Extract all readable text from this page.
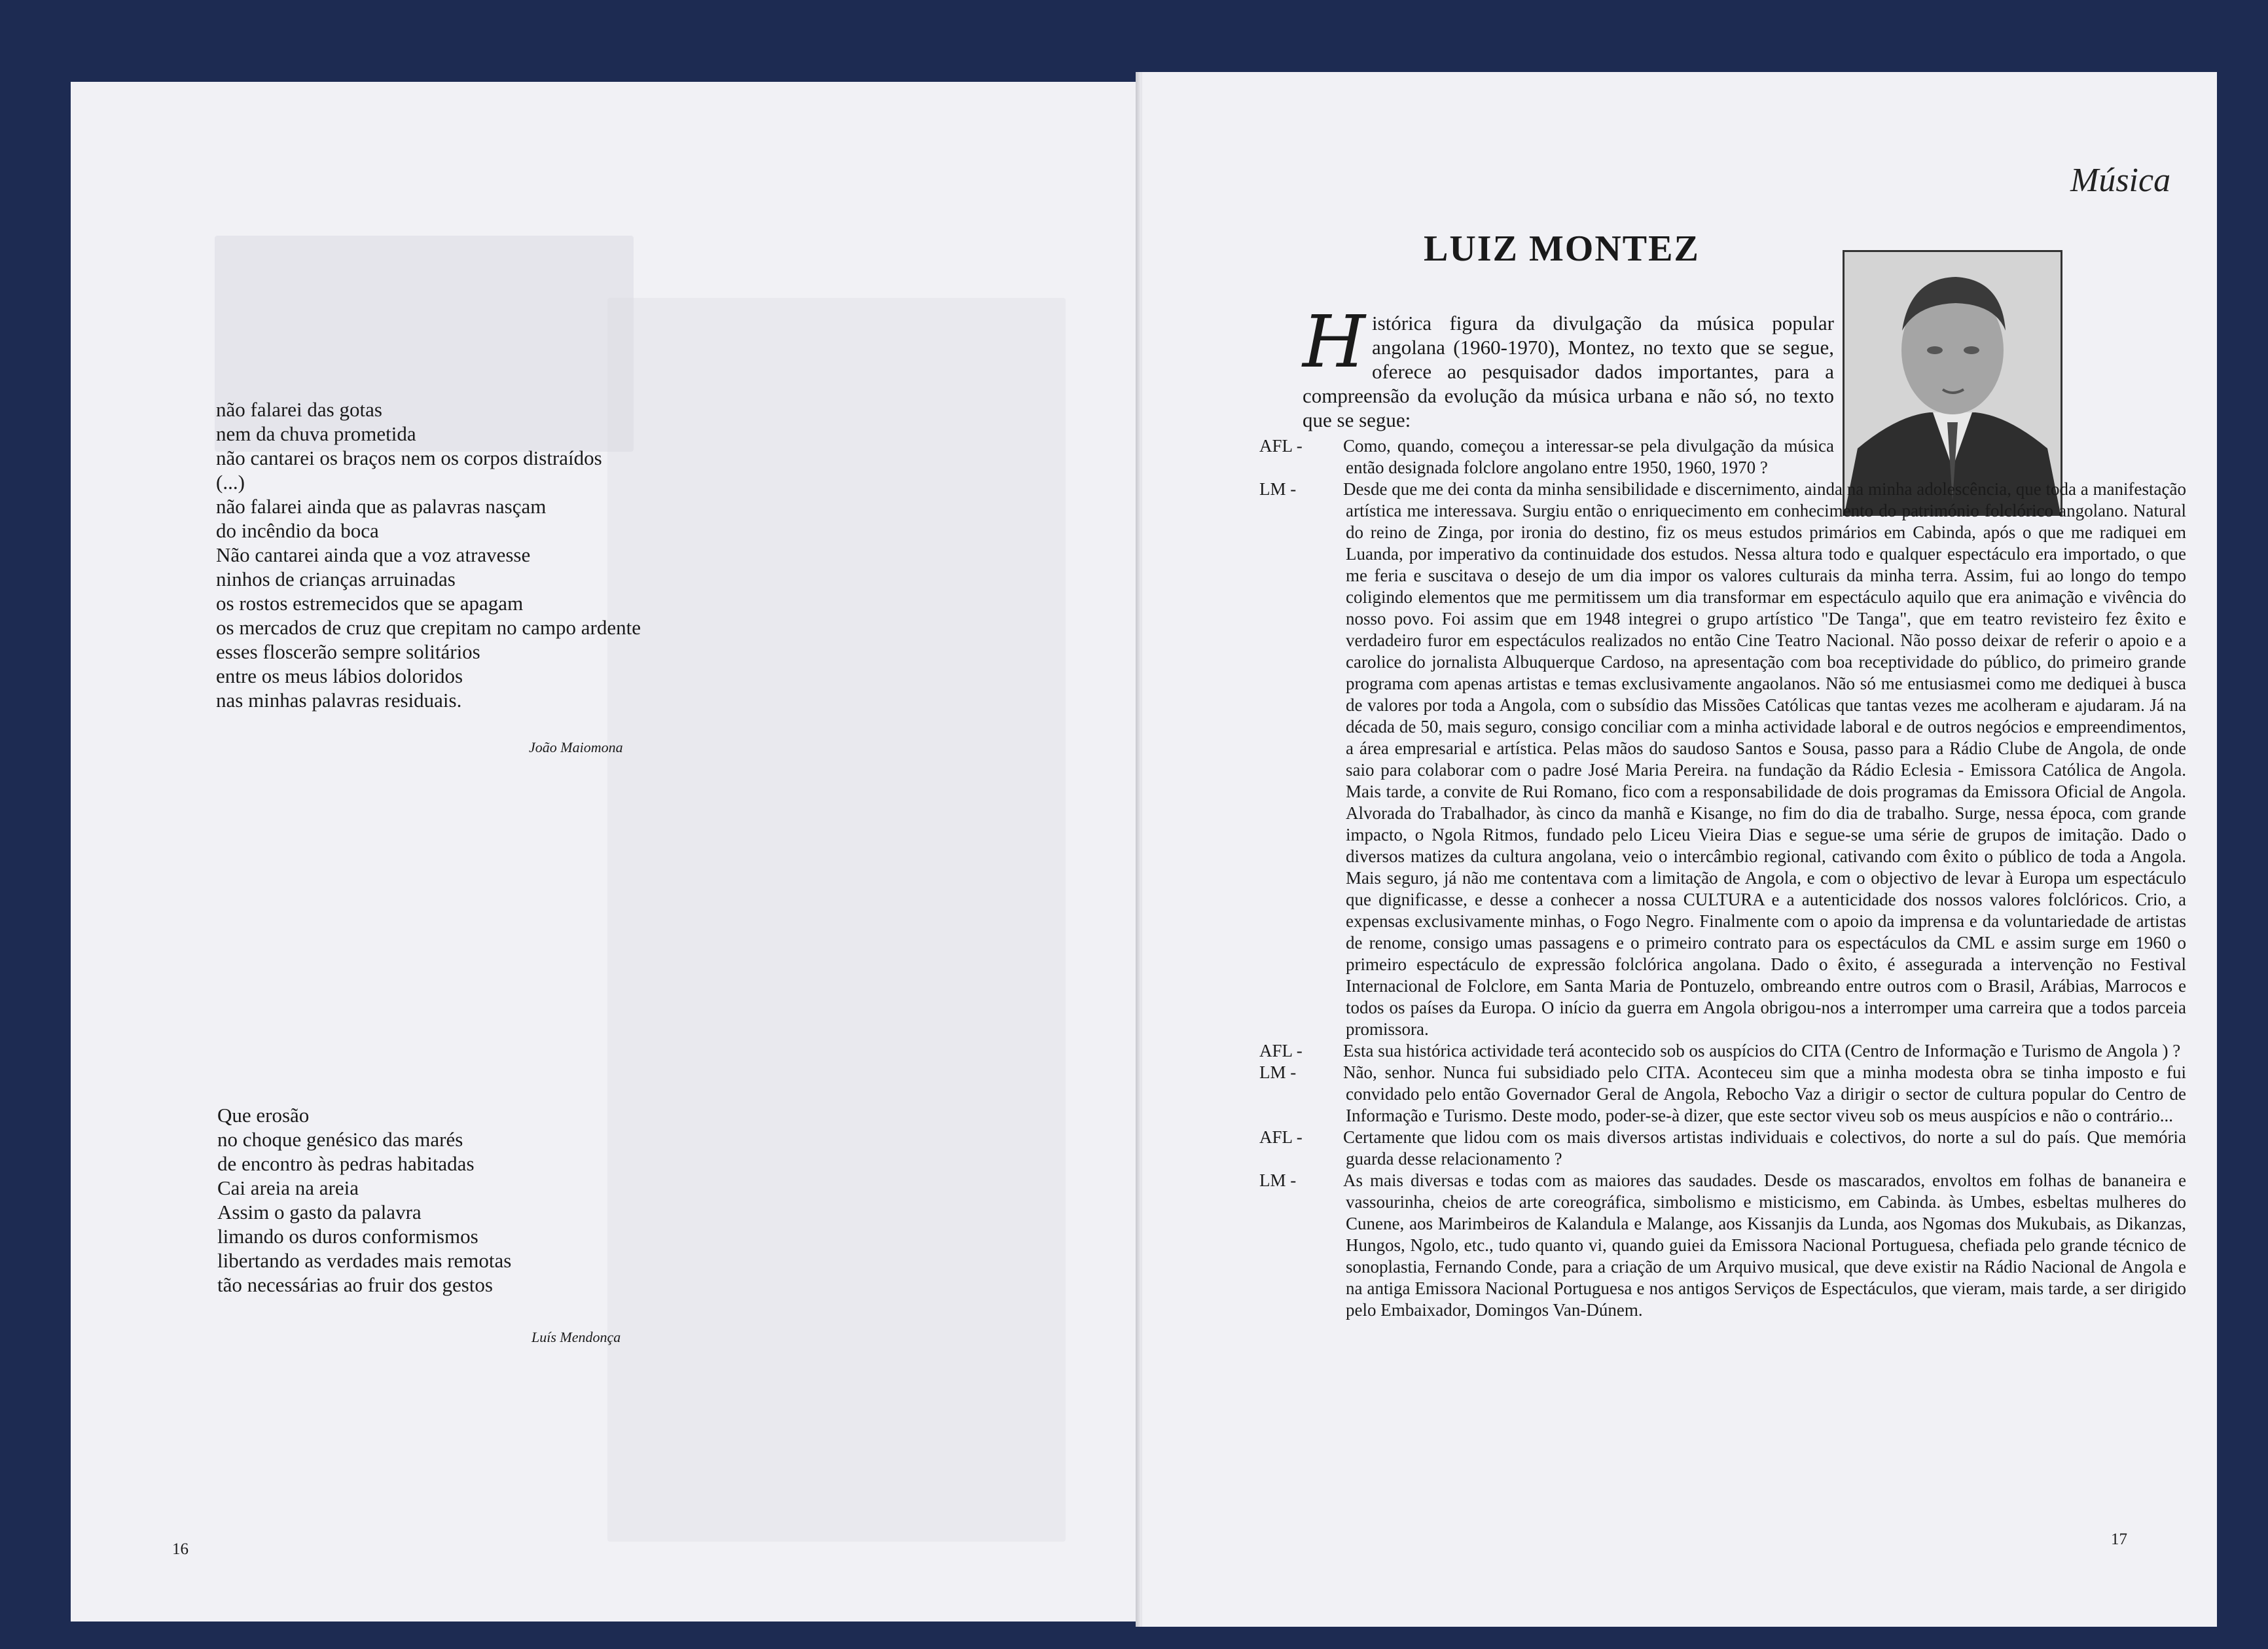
não falarei das gotas
nem da chuva prometida
não cantarei os braços nem os corpos distraídos
(...)
não falarei ainda que as palavras nasçam
do incêndio da boca
Não cantarei ainda que a voz atravesse
ninhos de crianças arruinadas
os rostos estremecidos que se apagam
os mercados de cruz que crepitam no campo ardente
esses floscerão sempre solitários
entre os meus lábios doloridos
nas minhas palavras residuais.
João Maiomona
Que erosão
no choque genésico das marés
de encontro às pedras habitadas
Cai areia na areia
Assim o gasto da palavra
limando os duros conformismos
libertando as verdades mais remotas
tão necessárias ao fruir dos gestos
Luís Mendonça
16
Música
LUIZ MONTEZ
H istórica figura da divulgação da música popular angolana (1960-1970), Montez, no texto que se segue, oferece ao pesquisador dados importantes, para a compreensão da evolução da música urbana e não só, no texto que se segue:

AFL - Como, quando, começou a interessar-se pela divulgação da música então designada folclore angolano entre 1950, 1960, 1970 ?

LM -	Desde que me dei conta da minha sensibilidade e discernimento, ainda na minha adolescência, que toda a manifestação artística me interessava. Surgiu então o enriquecimento em conhecimento do património folclórico angolano. Natural do reino de Zinga, por ironia do destino, fiz os meus estudos primários em Cabinda, após o que me radiquei em Luanda, por imperativo da continuidade dos estudos. Nessa altura todo e qualquer espectáculo era importado, o que me feria e suscitava o desejo de um dia impor os valores culturais da minha terra. Assim, fui ao longo do tempo coligindo elementos que me permitissem um dia transformar em espectáculo aquilo que era animação e vivência do nosso povo. Foi assim que em 1948 integrei o grupo artístico "De Tanga", que em teatro revisteiro fez êxito e verdadeiro furor em espectáculos realizados no então Cine Teatro Nacional. Não posso deixar de referir o apoio e a carolice do jornalista Albuquerque Cardoso, na apresentação com boa receptividade do público, do primeiro grande programa com apenas artistas e temas exclusivamente angaolanos. Não só me entusiasmei como me dediquei à busca de valores por toda a Angola, com o subsídio das Missões Católicas que tantas vezes me acolheram e ajudaram. Já na década de 50, mais seguro, consigo conciliar com a minha actividade laboral e de outros negócios e empreendimentos, a área empresarial e artística. Pelas mãos do saudoso Santos e Sousa, passo para a Rádio Clube de Angola, de onde saio para colaborar com o padre José Maria Pereira. na fundação da Rádio Eclesia - Emissora Católica de Angola. Mais tarde, a convite de Rui Romano, fico com a responsabilidade de dois programas da Emissora Oficial de Angola. Alvorada do Trabalhador, às cinco da manhã e Kisange, no fim do dia de trabalho. Surge, nessa época, com grande impacto, o Ngola Ritmos, fundado pelo Liceu Vieira Dias e segue-se uma série de grupos de imitação. Dado o diversos matizes da cultura angolana, veio o intercâmbio regional, cativando com êxito o público de toda a Angola. Mais seguro, já não me contentava com a limitação de Angola, e com o objectivo de levar à Europa um espectáculo que dignificasse, e desse a conhecer a nossa CULTURA e a autenticidade dos nossos valores folclóricos. Crio, a expensas exclusivamente minhas, o Fogo Negro. Finalmente com o apoio da imprensa e da voluntariedade de artistas de renome, consigo umas passagens e o primeiro contrato para os espectáculos da CML e assim surge em 1960 o primeiro espectáculo de expressão folclórica angolana. Dado o êxito, é assegurada a intervenção no Festival Internacional de Folclore, em Santa Maria de Pontuzelo, ombreando entre outros com o Brasil, Arábias, Marrocos e todos os países da Europa. O início da guerra em Angola obrigou-nos a interromper uma carreira que a todos parceia promissora.

AFL - Esta sua histórica actividade terá acontecido sob os auspícios do CITA (Centro de Informação e Turismo de Angola ) ?

LM -	Não, senhor. Nunca fui subsidiado pelo CITA. Aconteceu sim que a minha modesta obra se tinha imposto e fui convidado pelo então Governador Geral de Angola, Rebocho Vaz a dirigir o sector de cultura popular do Centro de Informação e Turismo. Deste modo, poder-se-à dizer, que este sector viveu sob os meus auspícios e não o contrário...

AFL - Certamente que lidou com os mais diversos artistas individuais e colectivos, do norte a sul do país. Que memória guarda desse relacionamento ?

LM -	As mais diversas e todas com as maiores das saudades. Desde os mascarados, envoltos em folhas de bananeira e vassourinha, cheios de arte coreográfica, simbolismo e misticismo, em Cabinda. às Umbes, esbeltas mulheres do Cunene, aos Marimbeiros de Kalandula e Malange, aos Kissanjis da Lunda, aos Ngomas dos Mukubais, as Dikanzas, Hungos, Ngolo, etc., tudo quanto vi, quando guiei da Emissora Nacional Portuguesa, chefiada pelo grande técnico de sonoplastia, Fernando Conde, para a criação de um Arquivo musical, que deve existir na Rádio Nacional de Angola e na antiga Emissora Nacional Portuguesa e nos antigos Serviços de Espectáculos, que vieram, mais tarde, a ser dirigido pelo Embaixador, Domingos Van-Dúnem.

17
